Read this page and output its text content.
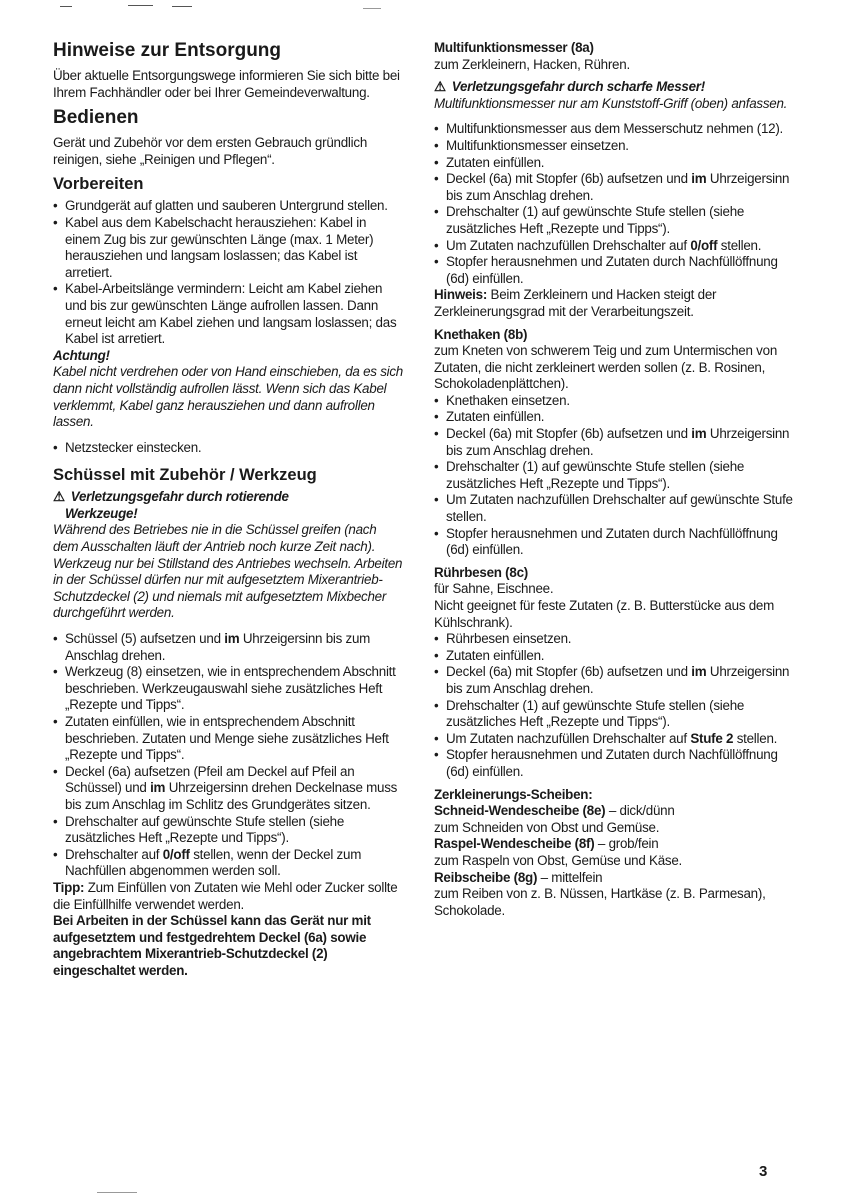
Hinweise zur Entsorgung

Über aktuelle Entsorgungswege informieren Sie sich bitte bei Ihrem Fachhändler oder bei Ihrer Gemeindeverwaltung.

Bedienen

Gerät und Zubehör vor dem ersten Gebrauch gründlich reinigen, siehe „Reinigen und Pflegen“.

Vorbereiten
• Grundgerät auf glatten und sauberen Untergrund stellen.
• Kabel aus dem Kabelschacht herausziehen: Kabel in einem Zug bis zur gewünschten Länge (max. 1 Meter) herausziehen und langsam loslassen; das Kabel ist arretiert.
• Kabel-Arbeitslänge vermindern: Leicht am Kabel ziehen und bis zur gewünschten Länge aufrollen lassen. Dann erneut leicht am Kabel ziehen und langsam loslassen; das Kabel ist arretiert.

Achtung!

Kabel nicht verdrehen oder von Hand einschieben, da es sich dann nicht vollständig aufrollen lässt. Wenn sich das Kabel verklemmt, Kabel ganz herausziehen und dann aufrollen lassen.

• Netzstecker einstecken.
Schüssel mit Zubehör / Werkzeug

⚠ Verletzungsgefahr durch rotierende
Werkzeuge!

Während des Betriebes nie in die Schüssel greifen (nach dem Ausschalten läuft der Antrieb noch kurze Zeit nach).

Werkzeug nur bei Stillstand des Antriebes wechseln. Arbeiten in der Schüssel dürfen nur mit aufgesetztem Mixerantrieb-Schutzdeckel (2) und niemals mit aufgesetztem Mixbecher durchgeführt werden.

• Schüssel (5) aufsetzen und im Uhrzeigersinn bis zum Anschlag drehen.
• Werkzeug (8) einsetzen, wie in entsprechendem Abschnitt beschrieben. Werkzeugauswahl siehe zusätzliches Heft „Rezepte und Tipps“.
• Zutaten einfüllen, wie in entsprechendem Abschnitt beschrieben. Zutaten und Menge siehe zusätzliches Heft „Rezepte und Tipps“.
• Deckel (6a) aufsetzen (Pfeil am Deckel auf Pfeil an Schüssel) und im Uhrzeigersinn drehen Deckelnase muss bis zum Anschlag im Schlitz des Grundgerätes sitzen.
• Drehschalter auf gewünschte Stufe stellen (siehe zusätzliches Heft „Rezepte und Tipps“).
• Drehschalter auf 0/off stellen, wenn der Deckel zum Nachfüllen abgenommen werden soll.

Tipp: Zum Einfüllen von Zutaten wie Mehl oder Zucker sollte die Einfüllhilfe verwendet werden.

Bei Arbeiten in der Schüssel kann das Gerät nur mit aufgesetztem und festgedrehtem Deckel (6a) sowie angebrachtem Mixerantrieb-Schutzdeckel (2) eingeschaltet werden.

Multifunktionsmesser (8a)

zum Zerkleinern, Hacken, Rühren.

⚠ Verletzungsgefahr durch scharfe Messer!

Multifunktionsmesser nur am Kunststoff-Griff (oben) anfassen.

• Multifunktionsmesser aus dem Messerschutz nehmen (12).
• Multifunktionsmesser einsetzen.
• Zutaten einfüllen.
• Deckel (6a) mit Stopfer (6b) aufsetzen und im Uhrzeigersinn bis zum Anschlag drehen.
• Drehschalter (1) auf gewünschte Stufe stellen (siehe zusätzliches Heft „Rezepte und Tipps“).
• Um Zutaten nachzufüllen Drehschalter auf 0/off stellen.
• Stopfer herausnehmen und Zutaten durch Nachfüllöffnung (6d) einfüllen.

Hinweis: Beim Zerkleinern und Hacken steigt der Zerkleinerungsgrad mit der Verarbeitungszeit.

Knethaken (8b)

zum Kneten von schwerem Teig und zum Untermischen von Zutaten, die nicht zerkleinert werden sollen (z. B. Rosinen, Schokoladenplättchen).

• Knethaken einsetzen.
• Zutaten einfüllen.
• Deckel (6a) mit Stopfer (6b) aufsetzen und im Uhrzeigersinn bis zum Anschlag drehen.
• Drehschalter (1) auf gewünschte Stufe stellen (siehe zusätzliches Heft „Rezepte und Tipps“).
• Um Zutaten nachzufüllen Drehschalter auf gewünschte Stufe stellen.
• Stopfer herausnehmen und Zutaten durch Nachfüllöffnung (6d) einfüllen.
Rührbesen (8c)

für Sahne, Eischnee.

Nicht geeignet für feste Zutaten (z. B. Butterstücke aus dem Kühlschrank).

• Rührbesen einsetzen.
• Zutaten einfüllen.
• Deckel (6a) mit Stopfer (6b) aufsetzen und im Uhrzeigersinn bis zum Anschlag drehen.
• Drehschalter (1) auf gewünschte Stufe stellen (siehe zusätzliches Heft „Rezepte und Tipps“).
• Um Zutaten nachzufüllen Drehschalter auf Stufe 2 stellen.
• Stopfer herausnehmen und Zutaten durch Nachfüllöffnung (6d) einfüllen.
Zerkleinerungs-Scheiben:

Schneid-Wendescheibe (8e) – dick/dünn

zum Schneiden von Obst und Gemüse.

Raspel-Wendescheibe (8f) – grob/fein

zum Raspeln von Obst, Gemüse und Käse.

Reibscheibe (8g) – mittelfein

zum Reiben von z. B. Nüssen, Hartkäse (z. B. Parmesan), Schokolade.

3
